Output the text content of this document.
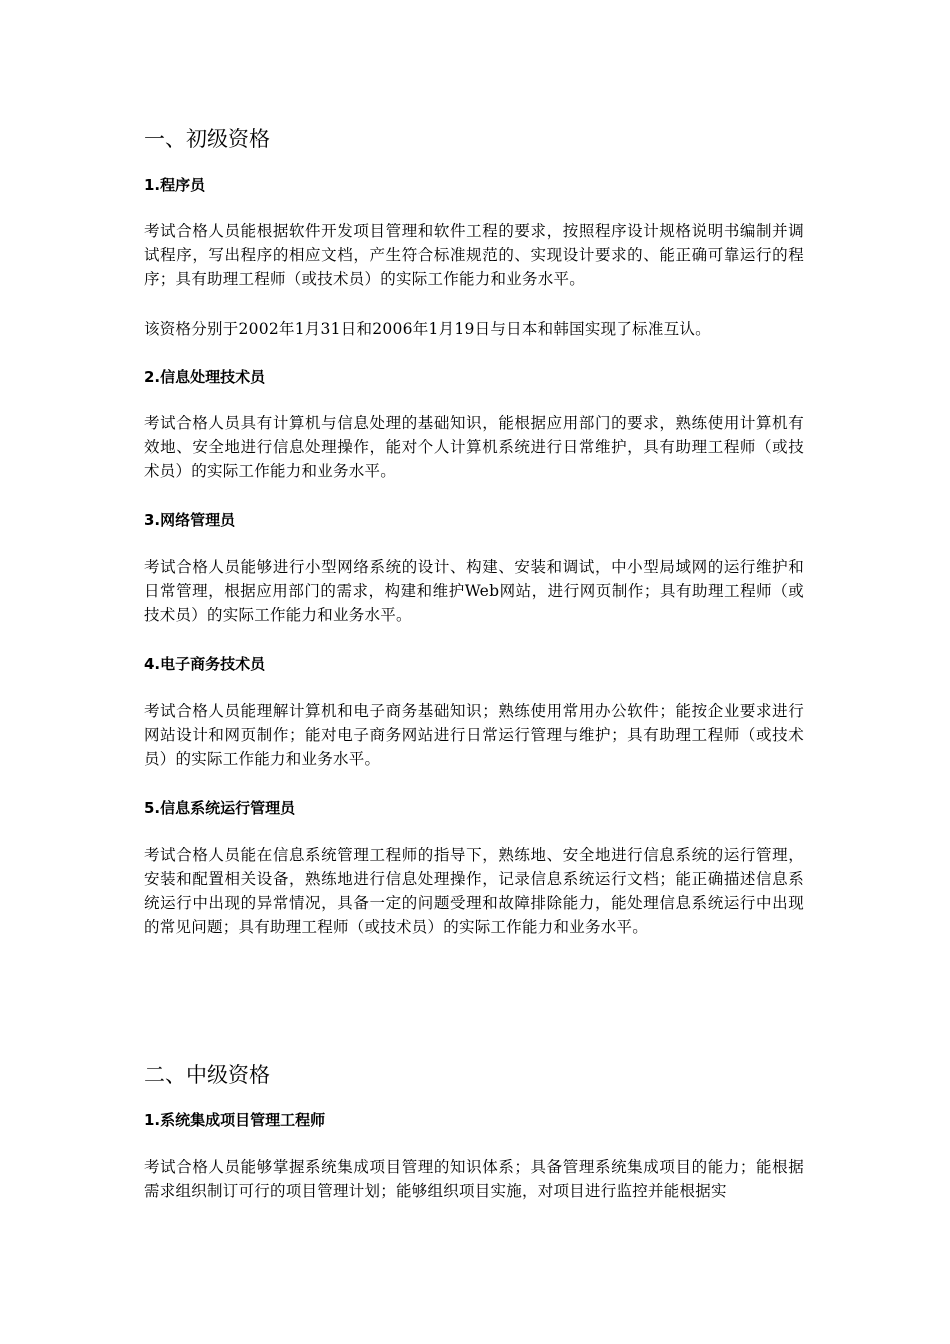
一、初级资格
1.程序员

考试合格人员能根据软件开发项目管理和软件工程的要求，按照程序设计规格说明书编制并调试程序，写出程序的相应文档，产生符合标准规范的、实现设计要求的、能正确可靠运行的程序；具有助理工程师（或技术员）的实际工作能力和业务水平。

该资格分别于2002年1月31日和2006年1月19日与日本和韩国实现了标准互认。

2.信息处理技术员

考试合格人员具有计算机与信息处理的基础知识，能根据应用部门的要求，熟练使用计算机有效地、安全地进行信息处理操作，能对个人计算机系统进行日常维护，具有助理工程师（或技术员）的实际工作能力和业务水平。

3.网络管理员

考试合格人员能够进行小型网络系统的设计、构建、安装和调试，中小型局域网的运行维护和日常管理，根据应用部门的需求，构建和维护Web网站，进行网页制作；具有助理工程师（或技术员）的实际工作能力和业务水平。

4.电子商务技术员

考试合格人员能理解计算机和电子商务基础知识；熟练使用常用办公软件；能按企业要求进行网站设计和网页制作；能对电子商务网站进行日常运行管理与维护；具有助理工程师（或技术员）的实际工作能力和业务水平。

5.信息系统运行管理员

考试合格人员能在信息系统管理工程师的指导下，熟练地、安全地进行信息系统的运行管理，安装和配置相关设备，熟练地进行信息处理操作，记录信息系统运行文档；能正确描述信息系统运行中出现的异常情况，具备一定的问题受理和故障排除能力，能处理信息系统运行中出现的常见问题；具有助理工程师（或技术员）的实际工作能力和业务水平。

二、中级资格
1.系统集成项目管理工程师

考试合格人员能够掌握系统集成项目管理的知识体系；具备管理系统集成项目的能力；能根据需求组织制订可行的项目管理计划；能够组织项目实施，对项目进行监控并能根据实
